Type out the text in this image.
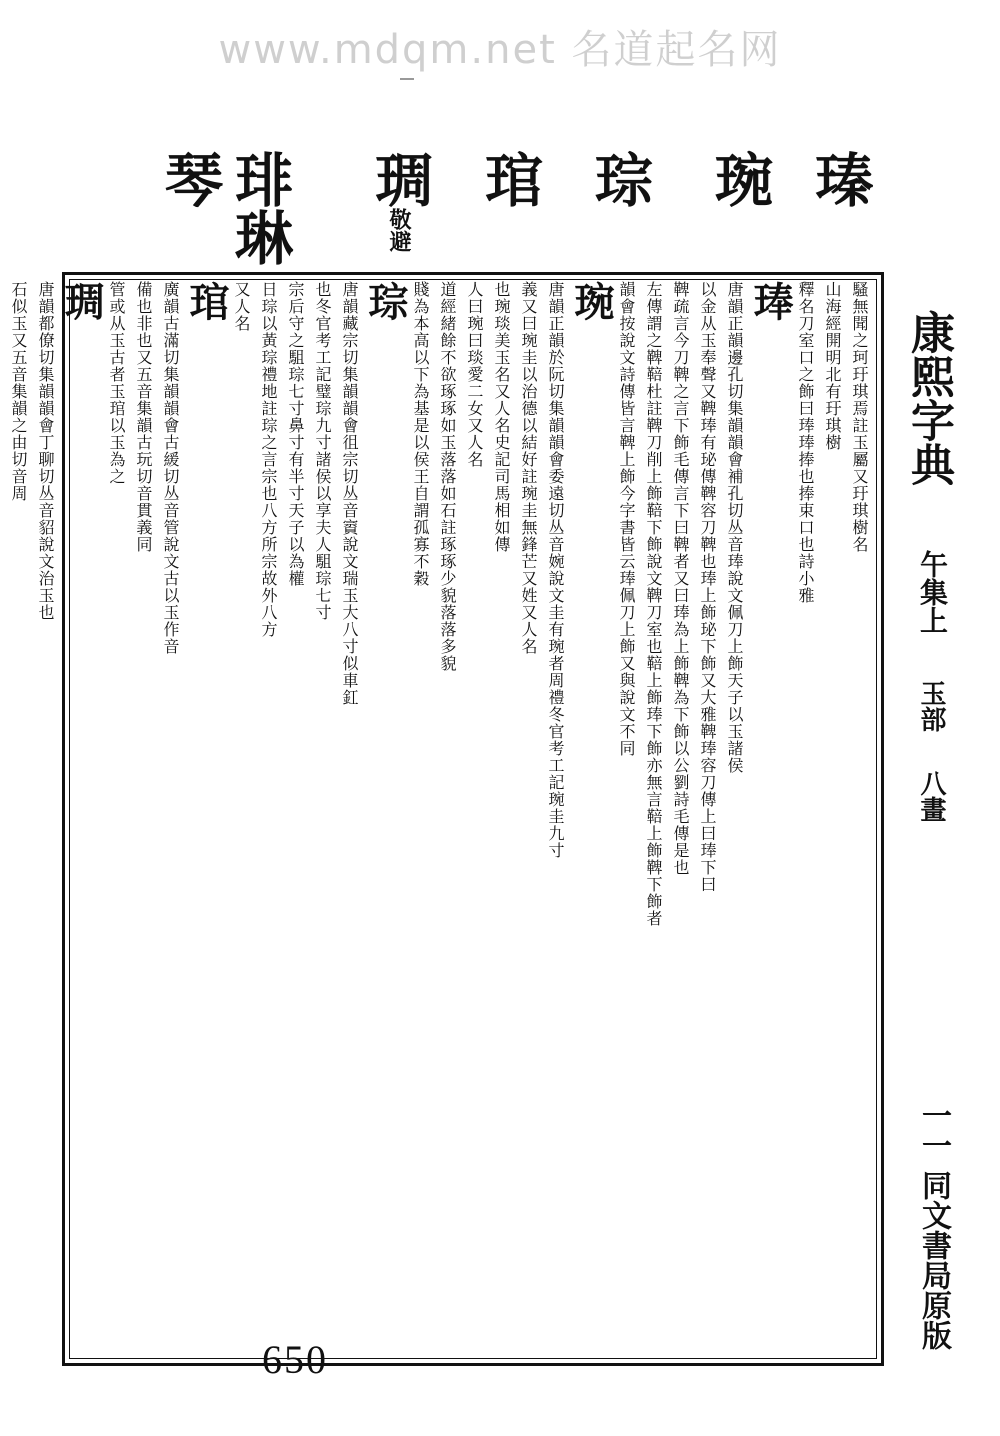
www.mdqm.net 名道起名网
瑧
琬
琮
琯
琱敬避
琲琳
琴
騷無聞之珂玗琪焉註玉屬又玗琪樹名
山海經開明北有玗琪樹
釋名刀室口之飾曰琫琫捧也捧束口也詩小雅
琫
唐韻正韻邊孔切集韻韻會補孔切丛音琫說文佩刀上飾天子以玉諸侯
以金从玉奉聲又鞞琫有珌傳鞞容刀鞞也琫上飾珌下飾又大雅鞞琫容刀傳上曰琫下曰
鞞疏言今刀鞞之言下飾毛傳言下曰鞞者又曰琫為上飾鞞為下飾以公劉詩毛傳是也
左傳謂之鞞鞛杜註鞞刀削上飾鞛下飾說文鞞刀室也鞛上飾琫下飾亦無言鞛上飾鞞下飾者
韻會按說文詩傳皆言鞞上飾今字書皆云琫佩刀上飾又與說文不同
琬
唐韻正韻於阮切集韻韻會委遠切丛音婉說文圭有琬者周禮冬官考工記琬圭九寸
義又曰琬圭以治德以結好註琬圭無鋒芒又姓又人名
也琬琰美玉名又人名史記司馬相如傳
人曰琬曰琰愛二女又人名
道經緒餘不欲琢琢如玉落落如石註琢琢少貌落落多貌
賤為本高以下為基是以侯王自謂孤寡不穀
琮
唐韻藏宗切集韻韻會徂宗切丛音賨說文瑞玉大八寸似車釭
也冬官考工記璧琮九寸諸侯以享夫人駔琮七寸
宗后守之駔琮七寸鼻寸有半寸天子以為權
日琮以黃琮禮地註琮之言宗也八方所宗故外八方
又人名
琯
廣韻古滿切集韻韻會古緩切丛音管說文古以玉作音
備也非也又五音集韻古玩切音貫義同
管或从玉古者玉琯以玉為之
琱
唐韻都僚切集韻韻會丁聊切丛音貂說文治玉也
石似玉又五音集韻之由切音周	康熙字典
午集上
玉部
八畫
一一
同文書局原版
650
